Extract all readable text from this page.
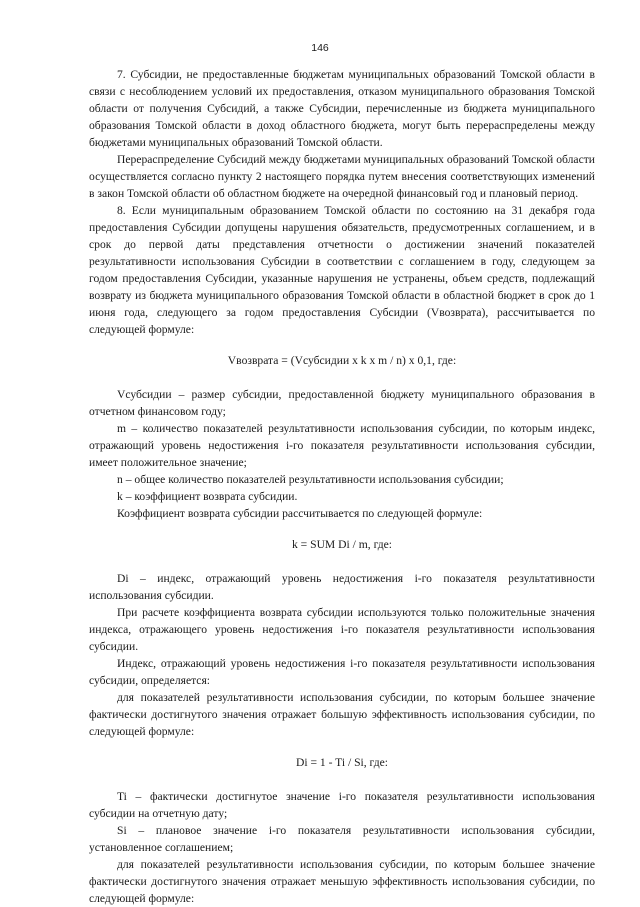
146

7. Субсидии, не предоставленные бюджетам муниципальных образований Томской области в связи с несоблюдением условий их предоставления, отказом муниципального образования Томской области от получения Субсидий, а также Субсидии, перечисленные из бюджета муниципального образования Томской области в доход областного бюджета, могут быть перераспределены между бюджетами муниципальных образований Томской области.

Перераспределение Субсидий между бюджетами муниципальных образований Томской области осуществляется согласно пункту 2 настоящего порядка путем внесения соответствующих изменений в закон Томской области об областном бюджете на очередной финансовый год и плановый период.

8. Если муниципальным образованием Томской области по состоянию на 31 декабря года предоставления Субсидии допущены нарушения обязательств, предусмотренных соглашением, и в срок до первой даты представления отчетности о достижении значений показателей результативности использования Субсидии в соответствии с соглашением в году, следующем за годом предоставления Субсидии, указанные нарушения не устранены, объем средств, подлежащий возврату из бюджета муниципального образования Томской области в областной бюджет в срок до 1 июня года, следующего за годом предоставления Субсидии (Vвозврата), рассчитывается по следующей формуле:

Vвозврата = (Vсубсидии х k х m / n) х 0,1, где:

Vсубсидии – размер субсидии, предоставленной бюджету муниципального образования в отчетном финансовом году;

m – количество показателей результативности использования субсидии, по которым индекс, отражающий уровень недостижения i-го показателя результативности использования субсидии, имеет положительное значение;

n – общее количество показателей результативности использования субсидии;

k – коэффициент возврата субсидии.

Коэффициент возврата субсидии рассчитывается по следующей формуле:

k = SUM Di / m, где:

Di – индекс, отражающий уровень недостижения i-го показателя результативности использования субсидии.

При расчете коэффициента возврата субсидии используются только положительные значения индекса, отражающего уровень недостижения i-го показателя результативности использования субсидии.

Индекс, отражающий уровень недостижения i-го показателя результативности использования субсидии, определяется:

для показателей результативности использования субсидии, по которым большее значение фактически достигнутого значения отражает большую эффективность использования субсидии, по следующей формуле:

Di = 1 - Ti / Si, где:

Ti – фактически достигнутое значение i-го показателя результативности использования субсидии на отчетную дату;

Si – плановое значение i-го показателя результативности использования субсидии, установленное соглашением;

для показателей результативности использования субсидии, по которым большее значение фактически достигнутого значения отражает меньшую эффективность использования субсидии, по следующей формуле:
